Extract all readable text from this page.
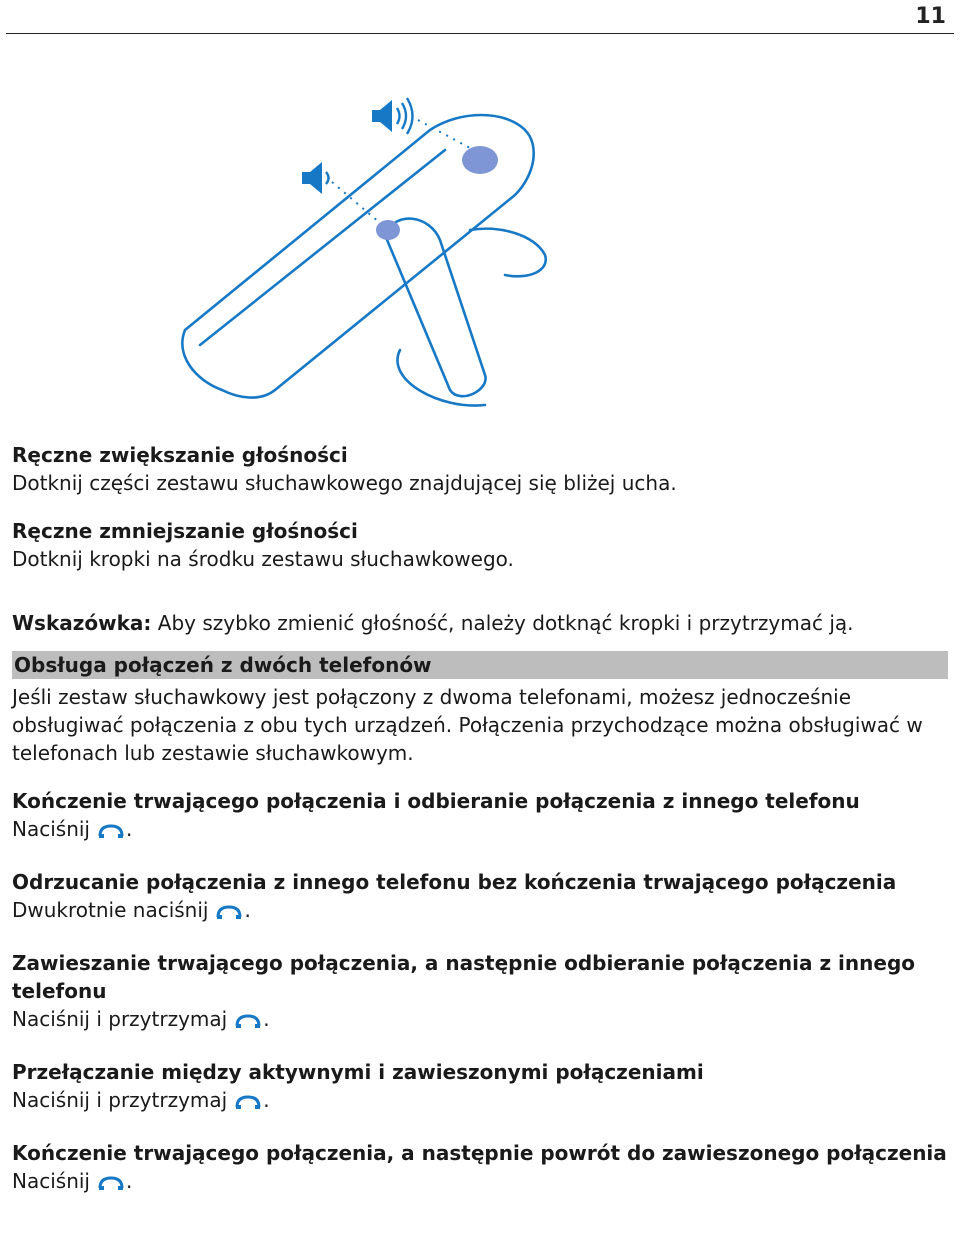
11

Ręczne zwiększanie głośności

Dotknij części zestawu słuchawkowego znajdującej się bliżej ucha.

Ręczne zmniejszanie głośności

Dotknij kropki na środku zestawu słuchawkowego.

Wskazówka: Aby szybko zmienić głośność, należy dotknąć kropki i przytrzymać ją.

Obsługa połączeń z dwóch telefonów

Jeśli zestaw słuchawkowy jest połączony z dwoma telefonami, możesz jednocześnie obsługiwać połączenia z obu tych urządzeń. Połączenia przychodzące można obsługiwać w telefonach lub zestawie słuchawkowym.

Kończenie trwającego połączenia i odbieranie połączenia z innego telefonu

Naciśnij .

Odrzucanie połączenia z innego telefonu bez kończenia trwającego połączenia

Dwukrotnie naciśnij .

Zawieszanie trwającego połączenia, a następnie odbieranie połączenia z innego telefonu

Naciśnij i przytrzymaj .

Przełączanie między aktywnymi i zawieszonymi połączeniami

Naciśnij i przytrzymaj .

Kończenie trwającego połączenia, a następnie powrót do zawieszonego połączenia

Naciśnij .
